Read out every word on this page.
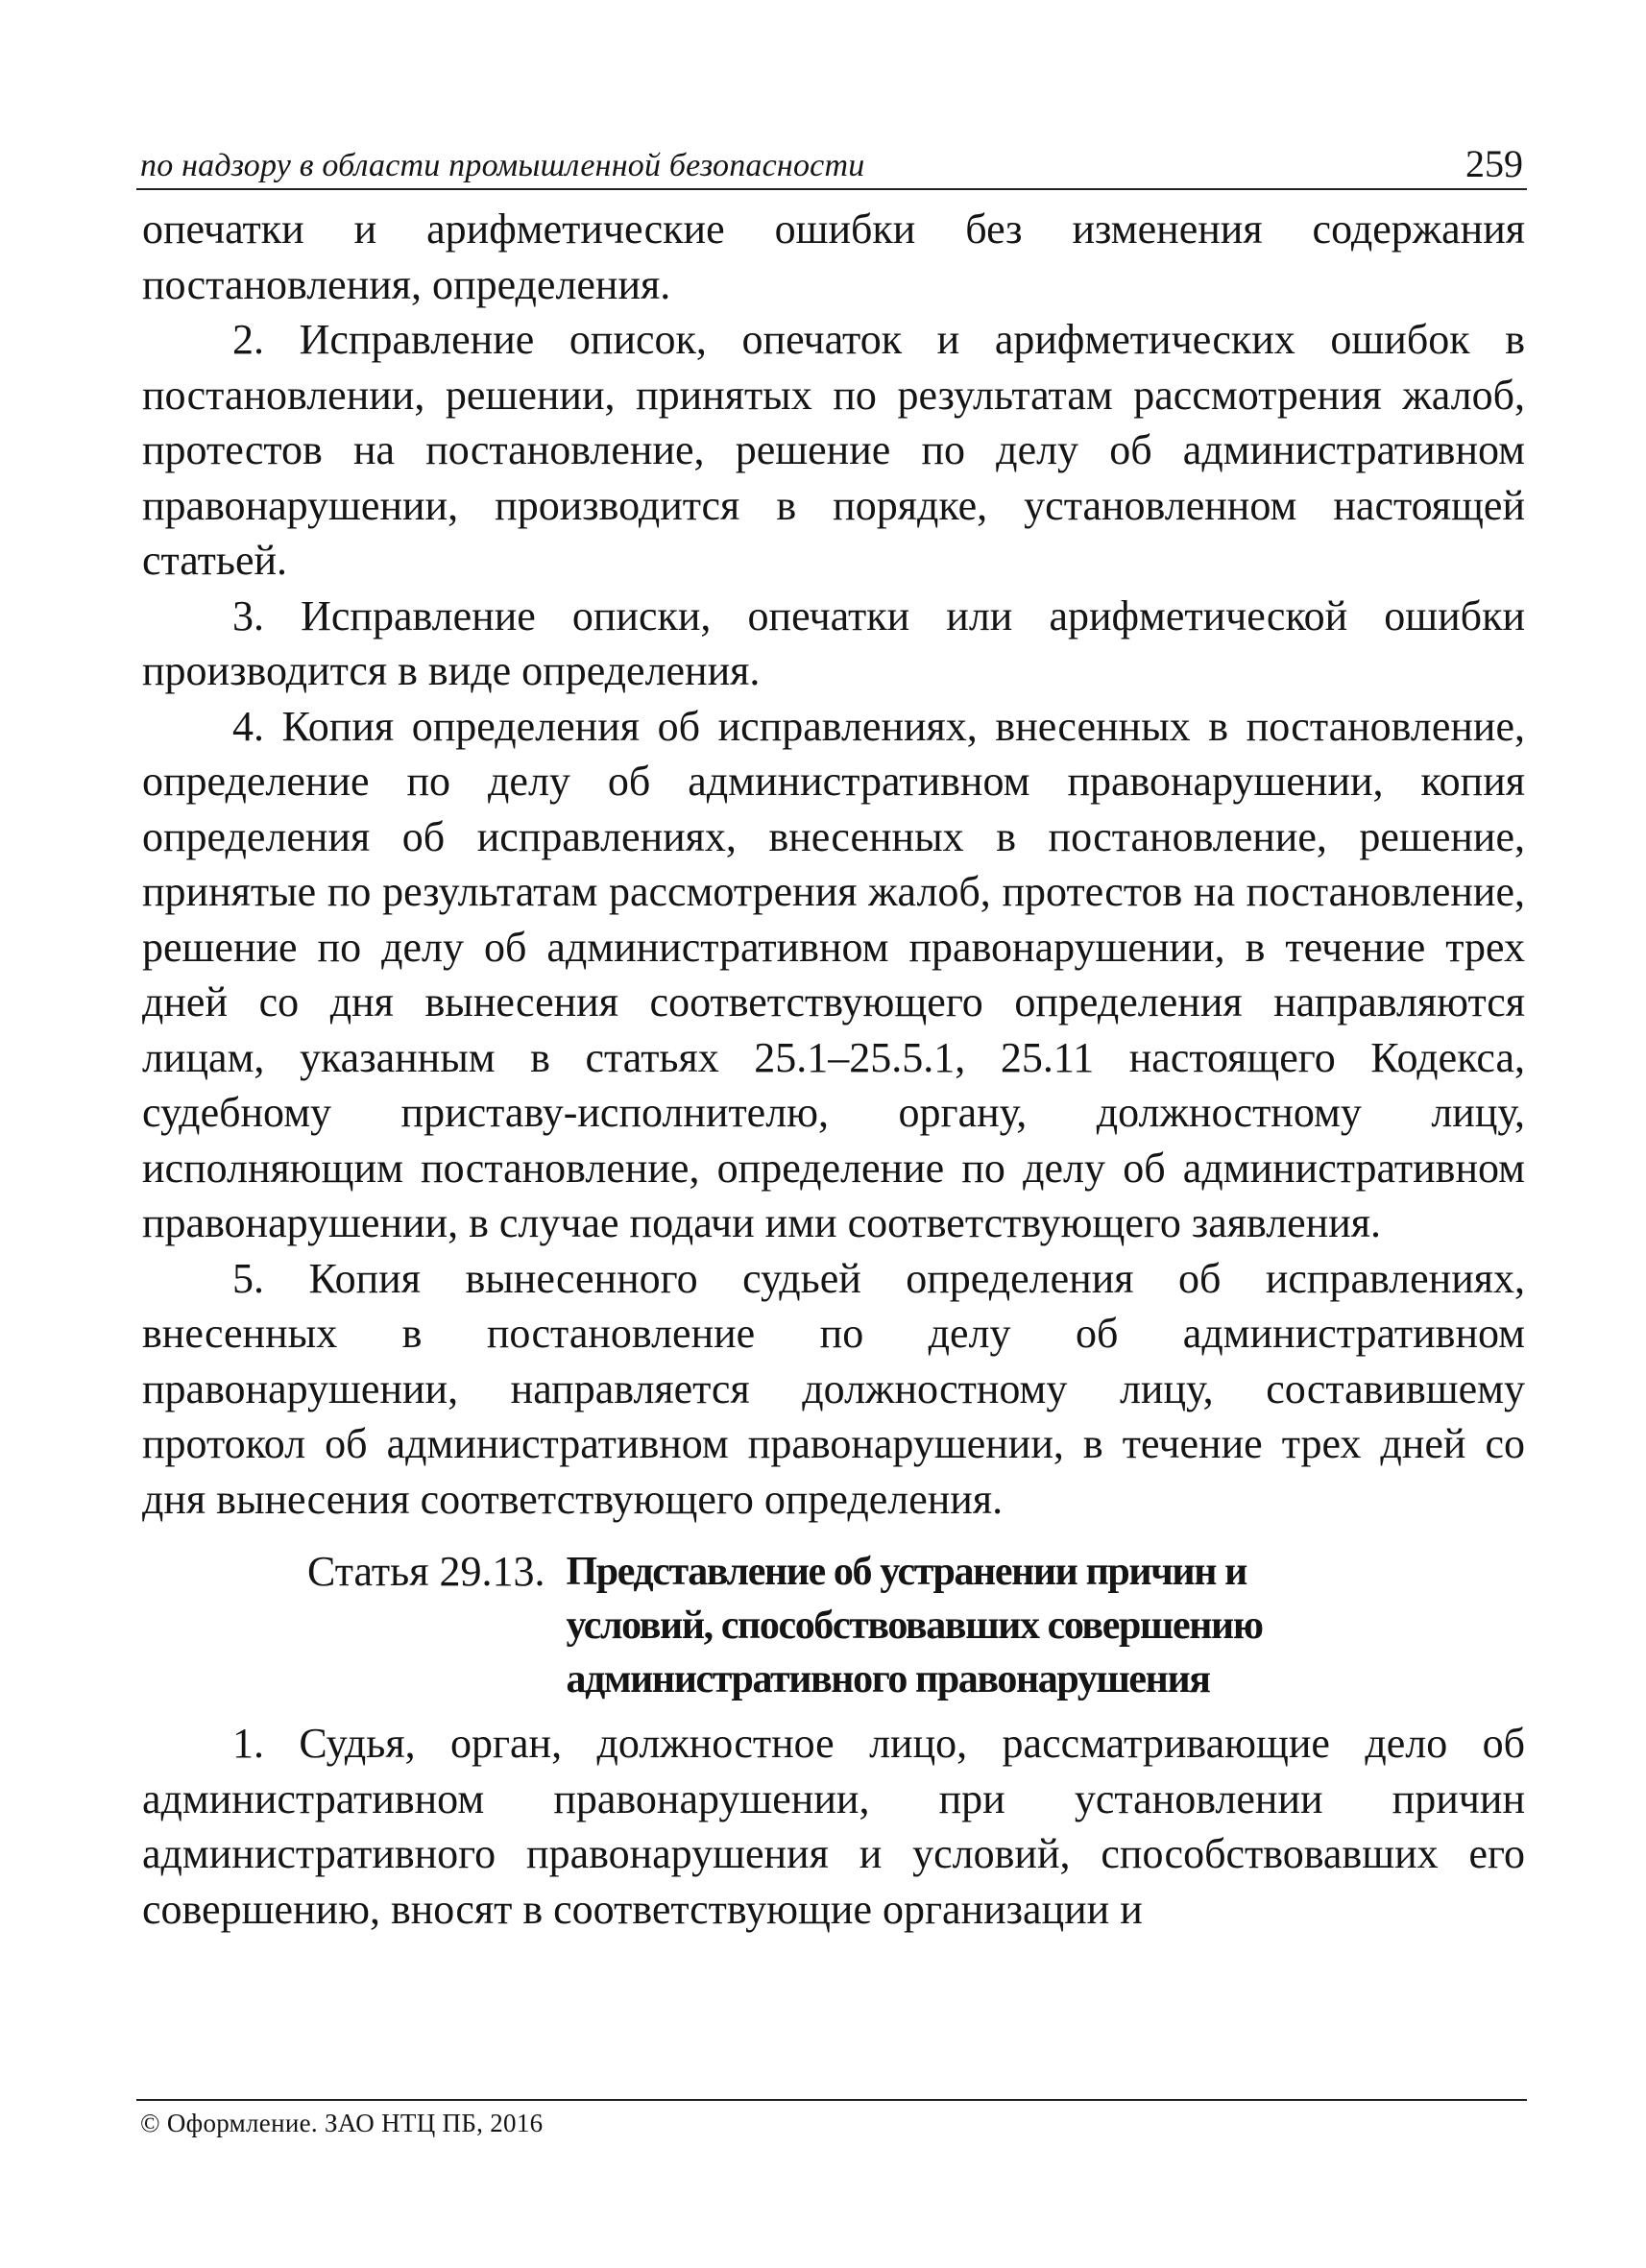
по надзору в области промышленной безопасности	259

опечатки и арифметические ошибки без изменения содержания постановления, определения.

2. Исправление описок, опечаток и арифметических ошибок в постановлении, решении, принятых по результатам рассмотрения жалоб, протестов на постановление, решение по делу об административном правонарушении, производится в порядке, установленном настоящей статьей.

3. Исправление описки, опечатки или арифметической ошибки производится в виде определения.

4. Копия определения об исправлениях, внесенных в постановление, определение по делу об административном правонарушении, копия определения об исправлениях, внесенных в постановление, решение, принятые по результатам рассмотрения жалоб, протестов на постановление, решение по делу об административном правонарушении, в течение трех дней со дня вынесения соответствующего определения направляются лицам, указанным в статьях 25.1–25.5.1, 25.11 настоящего Кодекса, судебному приставу-исполнителю, органу, должностному лицу, исполняющим постановление, определение по делу об административном правонарушении, в случае подачи ими соответствующего заявления.

5. Копия вынесенного судьей определения об исправлениях, внесенных в постановление по делу об административном правонарушении, направляется должностному лицу, составившему протокол об административном правонарушении, в течение трех дней со дня вынесения соответствующего определения.

Статья 29.13. Представление об устранении причин и условий, способствовавших совершению административного правонарушения

1. Судья, орган, должностное лицо, рассматривающие дело об административном правонарушении, при установлении причин административного правонарушения и условий, способствовавших его совершению, вносят в соответствующие организации и

© Оформление. ЗАО НТЦ ПБ, 2016
